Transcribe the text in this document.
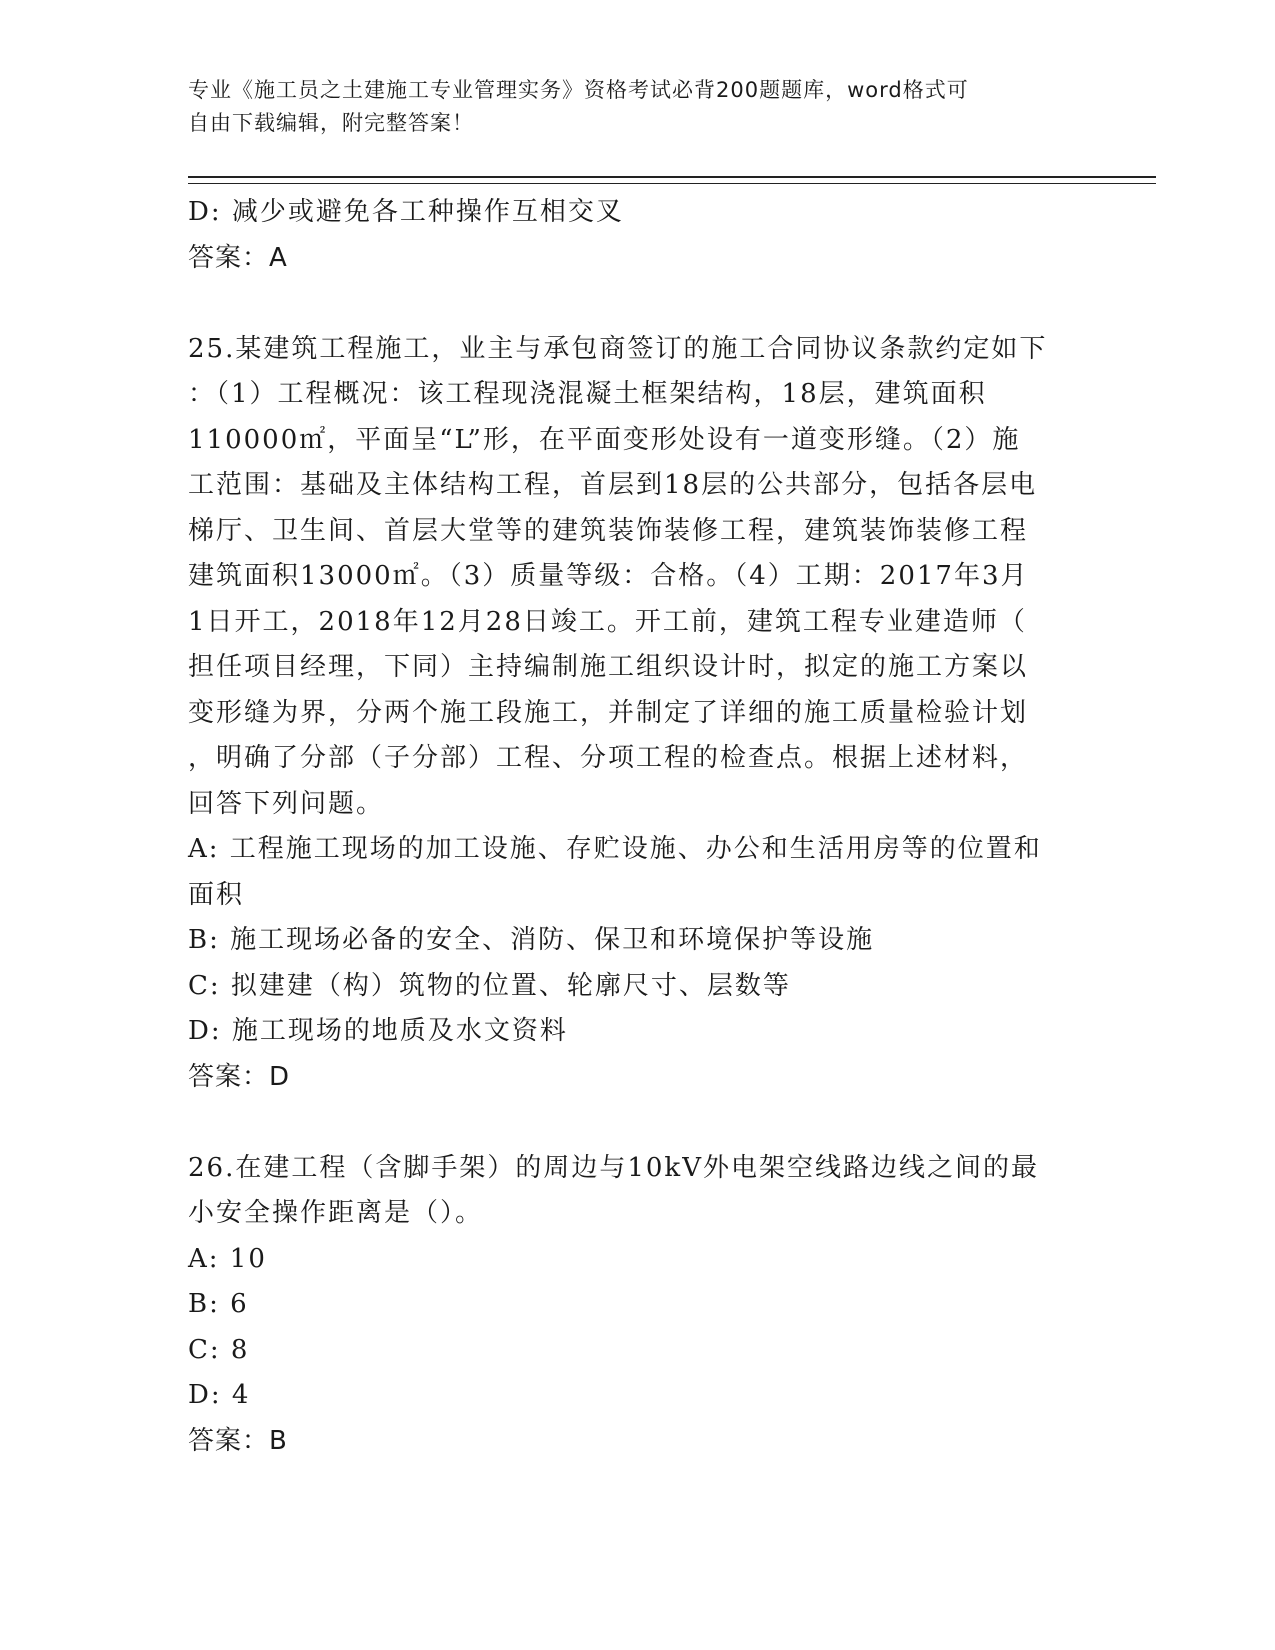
专业《施工员之土建施工专业管理实务》资格考试必背200题题库，word格式可
自由下载编辑，附完整答案！
D: 减少或避免各工种操作互相交叉
答案：A
25.某建筑工程施工，业主与承包商签订的施工合同协议条款约定如下
：（1）工程概况：该工程现浇混凝土框架结构，18层，建筑面积
110000㎡，平面呈“L”形，在平面变形处设有一道变形缝。（2）施
工范围：基础及主体结构工程，首层到18层的公共部分，包括各层电
梯厅、卫生间、首层大堂等的建筑装饰装修工程，建筑装饰装修工程
建筑面积13000㎡。（3）质量等级：合格。（4）工期：2017年3月
1日开工，2018年12月28日竣工。开工前，建筑工程专业建造师（
担任项目经理，下同）主持编制施工组织设计时，拟定的施工方案以
变形缝为界，分两个施工段施工，并制定了详细的施工质量检验计划
，明确了分部（子分部）工程、分项工程的检查点。根据上述材料，
回答下列问题。
A: 工程施工现场的加工设施、存贮设施、办公和生活用房等的位置和
面积
B: 施工现场必备的安全、消防、保卫和环境保护等设施
C: 拟建建（构）筑物的位置、轮廓尺寸、层数等
D: 施工现场的地质及水文资料
答案：D
26.在建工程（含脚手架）的周边与10kV外电架空线路边线之间的最
小安全操作距离是（）。
A: 10
B: 6
C: 8
D: 4
答案：B
